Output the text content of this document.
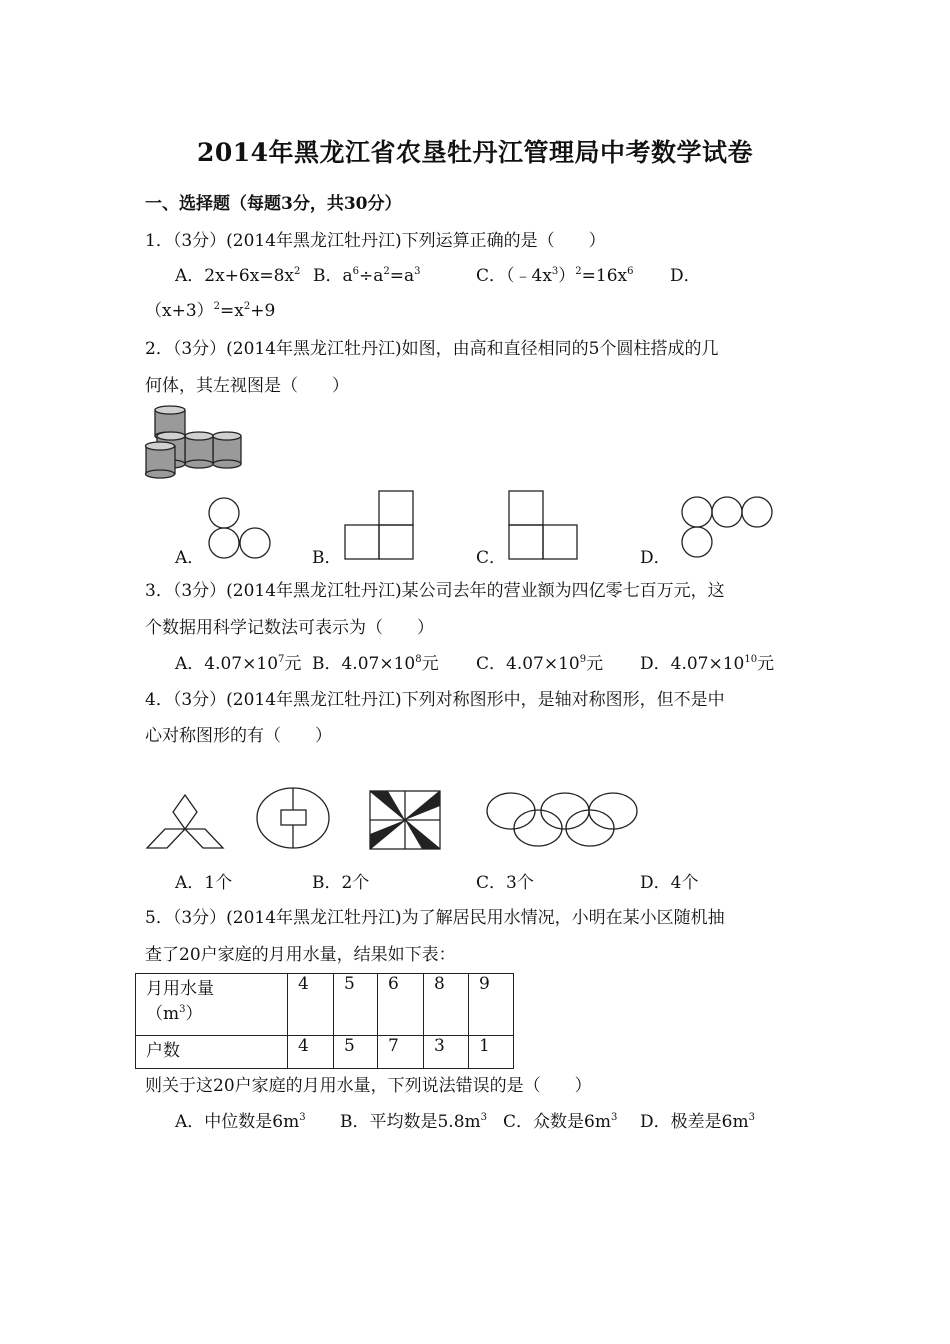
2014年黑龙江省农垦牡丹江管理局中考数学试卷
一、选择题（每题3分，共30分）
1．（3分）(2014年黑龙江牡丹江)下列运算正确的是（　　）
A．$2x+6x=8x^2$ B．$a^6\div a^2=a^3$	C．$(﹣4x^3)^2=16x^6$ D．
$(x+3)^2=x^2+9$
2．（3分）(2014年黑龙江牡丹江)如图，由高和直径相同的5个圆柱搭成的几
何体，其左视图是（　　）
A．	B．	C．	D．
3．（3分）(2014年黑龙江牡丹江)某公司去年的营业额为四亿零七百万元，这
个数据用科学记数法可表示为（　　）
A．$4.07\times 10^7$元 B．$4.07\times 10^8$元 C．$4.07\times 10^9$元 D．$4.07\times 10^{10}$元
4．（3分）(2014年黑龙江牡丹江)下列对称图形中，是轴对称图形，但不是中
心对称图形的有（　　）
A．1个	B．2个	C．3个	D．4个
5．（3分）(2014年黑龙江牡丹江)为了解居民用水情况，小明在某小区随机抽
查了20户家庭的月用水量，结果如下表：
月用水量
$(m^3)$	4	5	6	8	9
户数	4	5	7	3	1
则关于这20户家庭的月用水量，下列说法错误的是（　　）
A．中位数是$6m^3$ B．平均数是$5.8m^3$ C．众数是$6m^3$ D．极差是$6m^3$
